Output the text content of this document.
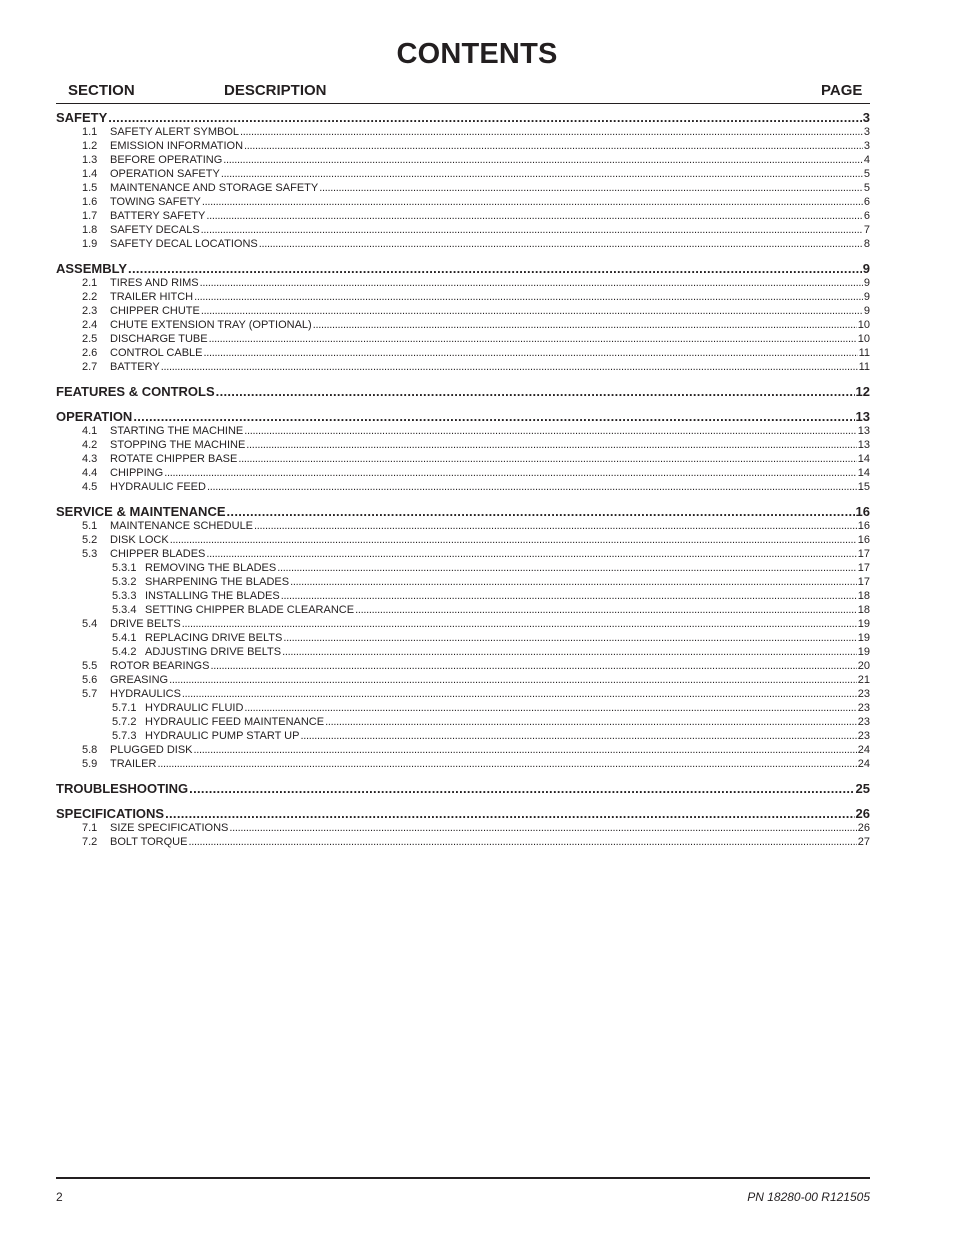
CONTENTS
SECTION	DESCRIPTION	PAGE
SAFETY .....	3
1.1	SAFETY ALERT SYMBOL .....	3
1.2	EMISSION INFORMATION .....	3
1.3	BEFORE OPERATING .....	4
1.4	OPERATION SAFETY .....	5
1.5	MAINTENANCE AND STORAGE SAFETY .....	5
1.6	TOWING SAFETY .....	6
1.7	BATTERY SAFETY .....	6
1.8	SAFETY DECALS .....	7
1.9	SAFETY DECAL LOCATIONS .....	8
ASSEMBLY .....	9
2.1	TIRES AND RIMS .....	9
2.2	TRAILER HITCH .....	9
2.3	CHIPPER CHUTE .....	9
2.4	CHUTE EXTENSION TRAY (OPTIONAL) .....	10
2.5	DISCHARGE TUBE .....	10
2.6	CONTROL CABLE .....	11
2.7	BATTERY .....	11
FEATURES & CONTROLS .....	12
OPERATION .....	13
4.1	STARTING THE MACHINE .....	13
4.2	STOPPING THE MACHINE .....	13
4.3	ROTATE CHIPPER BASE .....	14
4.4	CHIPPING .....	14
4.5	HYDRAULIC FEED .....	15
SERVICE & MAINTENANCE .....	16
5.1	MAINTENANCE SCHEDULE .....	16
5.2	DISK LOCK .....	16
5.3	CHIPPER BLADES .....	17
5.3.1 REMOVING THE BLADES .....	17
5.3.2 SHARPENING THE BLADES .....	17
5.3.3 INSTALLING THE BLADES .....	18
5.3.4 SETTING CHIPPER BLADE CLEARANCE .....	18
5.4	DRIVE BELTS .....	19
5.4.1 REPLACING DRIVE BELTS .....	19
5.4.2 ADJUSTING DRIVE BELTS .....	19
5.5	ROTOR BEARINGS .....	20
5.6	GREASING .....	21
5.7	HYDRAULICS .....	23
5.7.1 HYDRAULIC FLUID .....	23
5.7.2 HYDRAULIC FEED MAINTENANCE .....	23
5.7.3 HYDRAULIC PUMP START UP .....	23
5.8	PLUGGED DISK .....	24
5.9	TRAILER .....	24
TROUBLESHOOTING .....	25
SPECIFICATIONS .....	26
7.1	SIZE SPECIFICATIONS .....	26
7.2	BOLT TORQUE .....	27
2	PN 18280-00 R121505
